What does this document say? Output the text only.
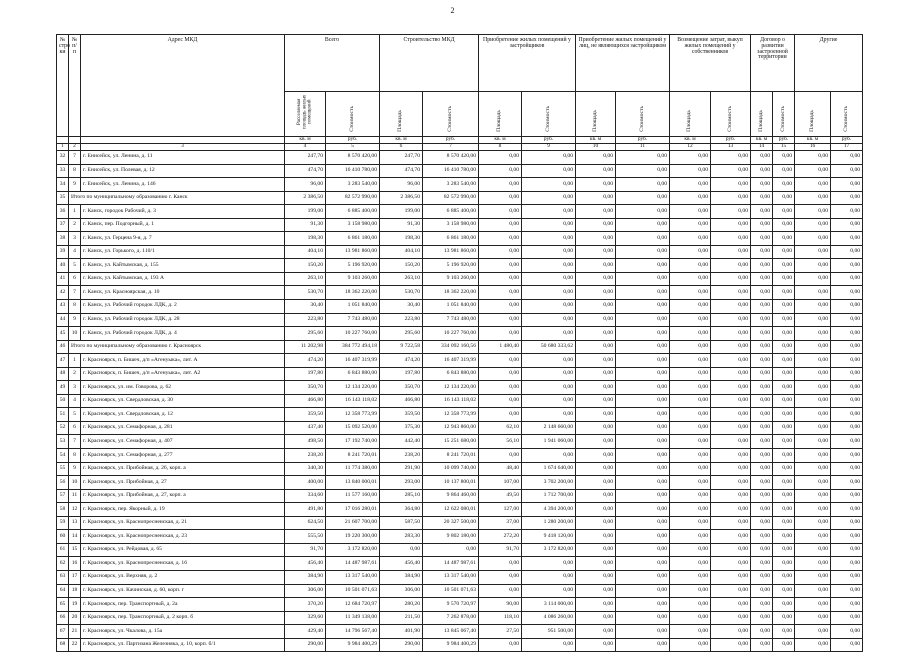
2
№ стро ки	№ п/п	Адрес МКД	Всего		Строительство МКД		Приобретение жилых помещений у застройщиков		Приобретение жилых помещений у лиц, не являющихся застройщиком		Возмещение затрат, выкуп жилых помещений у собственников		Договор о развитии застроенной территории		Другие	
			Расселяемая площадь жилых помещений	Стоимость	Площадь	Стоимость	Площадь	Стоимость	Площадь	Стоимость	Площадь	Стоимость	Площадь	Стоимость	Площадь	Стоимость
			кв. м	руб.	кв. м	руб.	кв. м	руб.	кв. м	руб.	кв. м	руб.	кв. м	руб.	кв. м	руб.
1	2	3	4	5	6	7	8	9	10	11	12	13	14	15	16	17
32	7	г. Енисейск, ул. Ленина, д. 11	247,70	8 570 420,00	247,70	8 570 420,00	0,00	0,00	0,00	0,00	0,00	0,00	0,00	0,00	0,00	0,00
33	8	г. Енисейск, ул. Полевая, д. 12	474,70	16 410 780,00	474,70	16 410 780,00	0,00	0,00	0,00	0,00	0,00	0,00	0,00	0,00	0,00	0,00
34	9	г. Енисейск, ул. Ленина, д. 146	96,00	3 283 540,00	96,00	3 283 540,00	0,00	0,00	0,00	0,00	0,00	0,00	0,00	0,00	0,00	0,00
35	Итого по муниципальному образованию г. Канск		2 386,50	82 572 990,00	2 386,50	82 572 990,00	0,00	0,00	0,00	0,00	0,00	0,00	0,00	0,00	0,00	0,00
36	1	г. Канск, городок Рабочий, д. 3	199,00	6 885 400,00	199,00	6 885 400,00	0,00	0,00	0,00	0,00	0,00	0,00	0,00	0,00	0,00	0,00
37	2	г. Канск, пер. Подгорный, д. 1	91,30	3 158 980,00	91,30	3 158 980,00	0,00	0,00	0,00	0,00	0,00	0,00	0,00	0,00	0,00	0,00
38	3	г. Канск, ул. Герцена 9-я, д. 7	198,30	6 861 180,00	198,30	6 861 180,00	0,00	0,00	0,00	0,00	0,00	0,00	0,00	0,00	0,00	0,00
39	4	г. Канск, ул. Горького, д. 110/1	404,10	13 981 860,00	404,10	13 981 860,00	0,00	0,00	0,00	0,00	0,00	0,00	0,00	0,00	0,00	0,00
40	5	г. Канск, ул. Кайтымская, д. 155	150,20	5 196 920,00	150,20	5 196 920,00	0,00	0,00	0,00	0,00	0,00	0,00	0,00	0,00	0,00	0,00
41	6	г. Канск, ул. Кайтымская, д. 193 А	263,10	9 103 260,00	263,10	9 103 260,00	0,00	0,00	0,00	0,00	0,00	0,00	0,00	0,00	0,00	0,00
42	7	г. Канск, ул. Красноярская, д. 10	530,70	18 362 220,00	530,70	18 362 220,00	0,00	0,00	0,00	0,00	0,00	0,00	0,00	0,00	0,00	0,00
43	8	г. Канск, ул. Рабочий городок ЛДК, д. 2	30,40	1 051 840,00	30,40	1 051 840,00	0,00	0,00	0,00	0,00	0,00	0,00	0,00	0,00	0,00	0,00
44	9	г. Канск, ул. Рабочий городок ЛДК, д. 28	223,80	7 743 480,00	223,80	7 743 480,00	0,00	0,00	0,00	0,00	0,00	0,00	0,00	0,00	0,00	0,00
45	10	г. Канск, ул. Рабочий городок ЛДК, д. 4	295,60	10 227 760,00	295,60	10 227 760,00	0,00	0,00	0,00	0,00	0,00	0,00	0,00	0,00	0,00	0,00
46	Итого по муниципальному образованию г. Красноярск		11 202,98	384 772 494,18	9 722,58	334 092 160,56	1 480,40	50 680 333,62	0,00	0,00	0,00	0,00	0,00	0,00	0,00	0,00
47	1	г. Красноярск, п. Бишеч, д/п «Агенуыка», лит. А	474,20	16 407 319,99	474,20	16 407 319,99	0,00	0,00	0,00	0,00	0,00	0,00	0,00	0,00	0,00	0,00
48	2	г. Красноярск, п. Бишеч, д/п «Агенуыка», лит. А2	197,80	6 843 880,00	197,80	6 843 880,00	0,00	0,00	0,00	0,00	0,00	0,00	0,00	0,00	0,00	0,00
49	3	г. Красноярск, ул. им. Говорова, д. 62	350,70	12 134 220,00	350,70	12 134 220,00	0,00	0,00	0,00	0,00	0,00	0,00	0,00	0,00	0,00	0,00
50	4	г. Красноярск, ул. Свердловская, д. 30	466,80	16 143 118,02	466,80	16 143 118,02	0,00	0,00	0,00	0,00	0,00	0,00	0,00	0,00	0,00	0,00
51	5	г. Красноярск, ул. Свердловская, д. 12	359,50	12 358 773,99	359,50	12 358 773,99	0,00	0,00	0,00	0,00	0,00	0,00	0,00	0,00	0,00	0,00
52	6	г. Красноярск, ул. Семафорная, д. 281	437,40	15 092 520,00	375,30	12 943 860,00	62,10	2 148 660,00	0,00	0,00	0,00	0,00	0,00	0,00	0,00	0,00
53	7	г. Красноярск, ул. Семафорная, д. 407	498,50	17 192 740,00	442,40	15 251 680,00	56,10	1 941 060,00	0,00	0,00	0,00	0,00	0,00	0,00	0,00	0,00
54	8	г. Красноярск, ул. Семафорная, д. 277	238,20	8 241 720,01	238,20	8 241 720,01	0,00	0,00	0,00	0,00	0,00	0,00	0,00	0,00	0,00	0,00
55	9	г. Красноярск, ул. Прибойная, д. 26, корп. а	340,30	11 774 380,00	291,90	10 099 740,00	48,40	1 674 640,00	0,00	0,00	0,00	0,00	0,00	0,00	0,00	0,00
56	10	г. Красноярск, ул. Прибойная, д. 27	400,00	13 840 000,01	293,00	10 137 800,01	107,00	3 702 200,00	0,00	0,00	0,00	0,00	0,00	0,00	0,00	0,00
57	11	г. Красноярск, ул. Прибойная, д. 27, корп. а	334,60	11 577 160,00	285,10	9 864 460,00	49,50	1 712 700,00	0,00	0,00	0,00	0,00	0,00	0,00	0,00	0,00
58	12	г. Красноярск, пер. Якорный, д. 19	491,80	17 016 280,01	364,80	12 622 080,01	127,00	4 394 200,00	0,00	0,00	0,00	0,00	0,00	0,00	0,00	0,00
59	13	г. Красноярск, ул. Краснопресненская, д. 21	624,50	21 607 700,00	587,50	20 327 500,00	37,00	1 280 200,00	0,00	0,00	0,00	0,00	0,00	0,00	0,00	0,00
60	14	г. Красноярск, ул. Краснопресненская, д. 23	555,50	19 220 300,00	283,30	9 802 180,00	272,20	9 418 120,00	0,00	0,00	0,00	0,00	0,00	0,00	0,00	0,00
61	15	г. Красноярск, ул. Рейдовая, д. 65	91,70	3 172 820,00	0,00	0,00	91,70	3 172 820,00	0,00	0,00	0,00	0,00	0,00	0,00	0,00	0,00
62	16	г. Красноярск, ул. Краснопресненская, д. 16	456,40	14 487 987,61	456,40	14 487 987,61	0,00	0,00	0,00	0,00	0,00	0,00	0,00	0,00	0,00	0,00
63	17	г. Красноярск, ул. Верхняя, д. 2	384,90	13 317 540,00	384,90	13 317 540,00	0,00	0,00	0,00	0,00	0,00	0,00	0,00	0,00	0,00	0,00
64	18	г. Красноярск, ул. Качинская, д. 60, корп. г	306,00	10 501 071,63	306,00	10 501 071,63	0,00	0,00	0,00	0,00	0,00	0,00	0,00	0,00	0,00	0,00
65	19	г. Красноярск, пер. Транспортный, д. 2а	370,20	12 684 720,97	280,20	9 570 720,97	90,00	3 114 000,00	0,00	0,00	0,00	0,00	0,00	0,00	0,00	0,00
66	20	г. Красноярск, пер. Транспортный, д. 2 корп. б	329,60	11 349 138,00	211,50	7 262 878,00	118,10	4 086 260,00	0,00	0,00	0,00	0,00	0,00	0,00	0,00	0,00
67	21	г. Красноярск, ул. Чкалова, д. 15а	429,40	14 796 567,40	401,90	13 845 067,40	27,50	951 500,00	0,00	0,00	0,00	0,00	0,00	0,00	0,00	0,00
68	22	г. Красноярск, ул. Партизана Железняка, д. 10, корп. б/1	290,00	9 984 400,29	290,00	9 984 400,29	0,00	0,00	0,00	0,00	0,00	0,00	0,00	0,00	0,00	0,00
